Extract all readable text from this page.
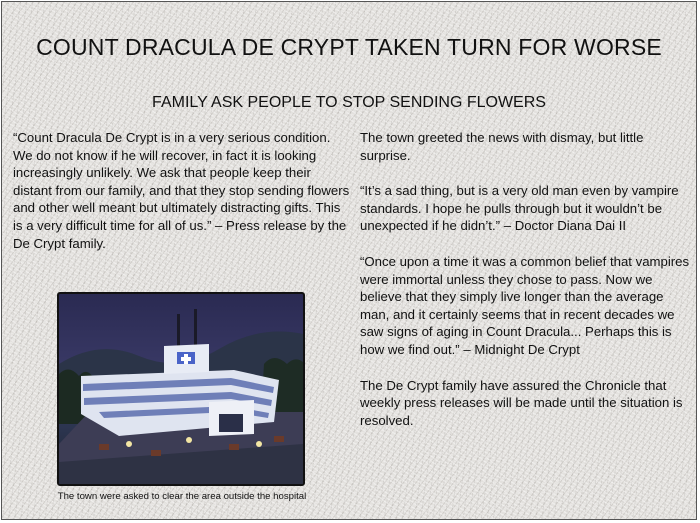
COUNT DRACULA DE CRYPT TAKEN TURN FOR WORSE
FAMILY ASK PEOPLE TO STOP SENDING FLOWERS

“Count Dracula De Crypt is in a very serious condition. We do not know if he will recover, in fact it is looking increasingly unlikely. We ask that people keep their distant from our family, and that they stop sending flowers and other well meant but ultimately distracting gifts. This is a very difficult time for all of us.” – Press release by the De Crypt family.

The town greeted the news with dismay, but little surprise.

“It’s a sad thing, but is a very old man even by vampire standards. I hope he pulls through but it wouldn’t be unexpected if he didn’t.” – Doctor Diana Dai II

“Once upon a time it was a common belief that vampires were immortal unless they chose to pass. Now we believe that they simply live longer than the average man, and it certainly seems that in recent decades we saw signs of aging in Count Dracula... Perhaps this is how we find out.” – Midnight De Crypt

The De Crypt family have assured the Chronicle that weekly press releases will be made until the situation is resolved.

The town were asked to clear the area outside the hospital
